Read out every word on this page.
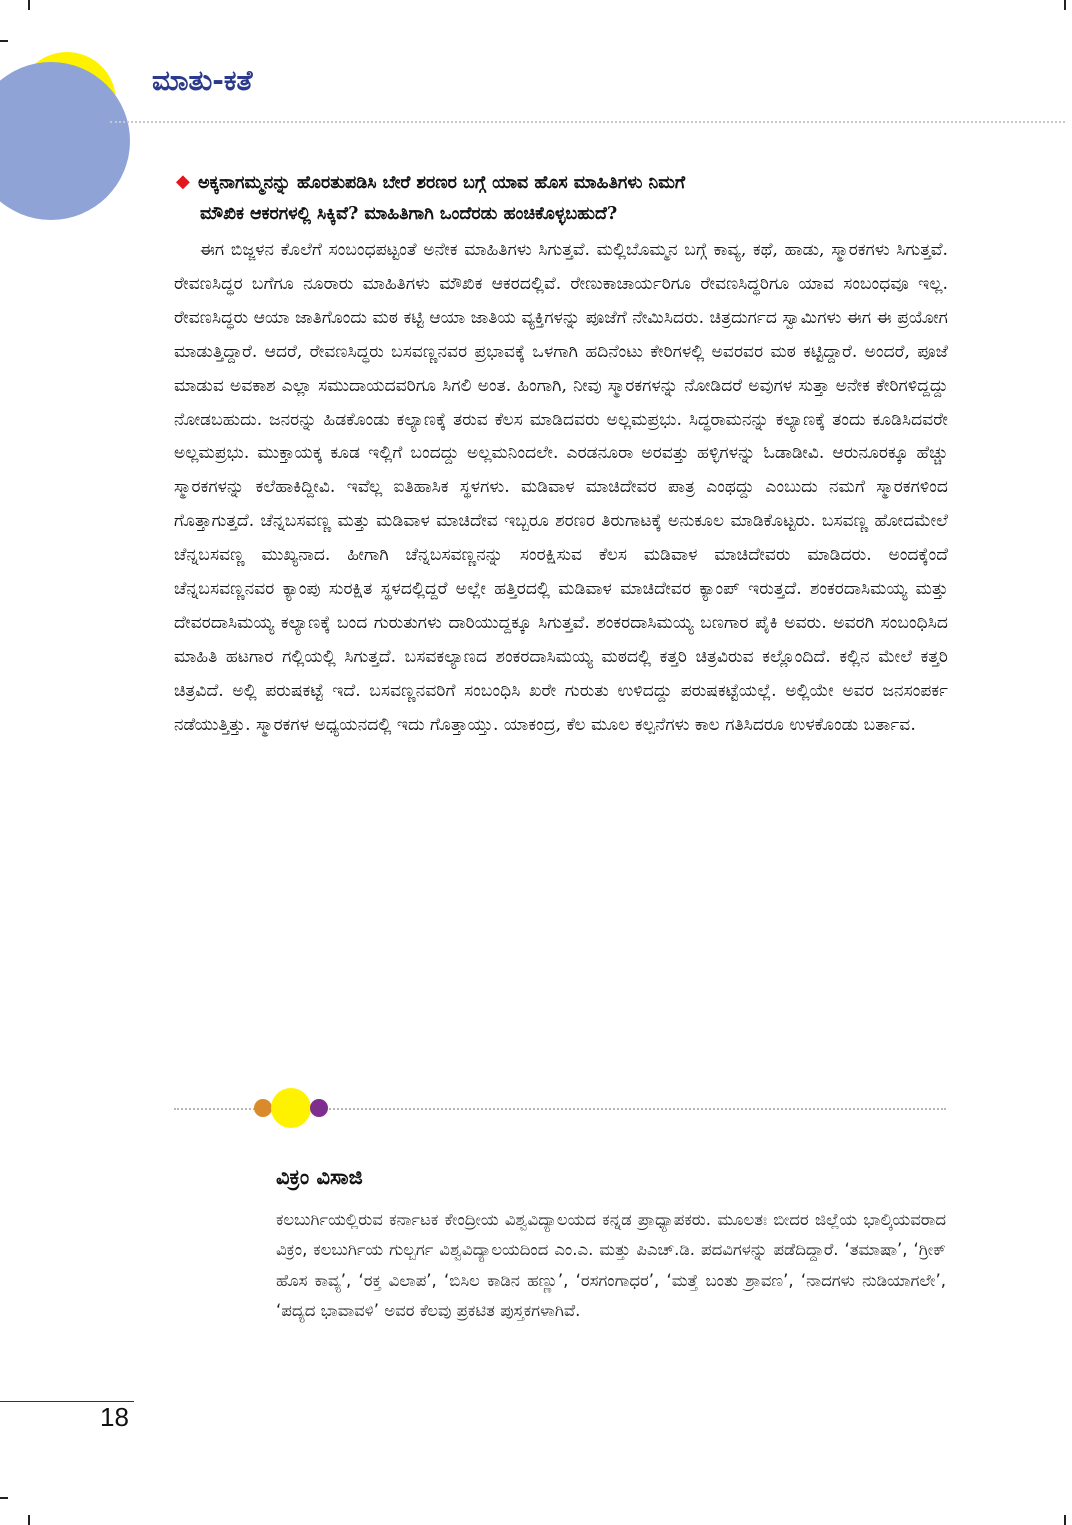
ಮಾತು-ಕತೆ
◆ ಅಕ್ಕನಾಗಮ್ಮನನ್ನು ಹೊರತುಪಡಿಸಿ ಬೇರೆ ಶರಣರ ಬಗ್ಗೆ ಯಾವ ಹೊಸ ಮಾಹಿತಿಗಳು ನಿಮಗೆ

ಮೌಖಿಕ ಆಕರಗಳಲ್ಲಿ ಸಿಕ್ಕಿವೆ? ಮಾಹಿತಿಗಾಗಿ ಒಂದೆರಡು ಹಂಚಿಕೊಳ್ಳಬಹುದೆ?

ಈಗ ಬಿಜ್ಜಳನ ಕೊಲೆಗೆ ಸಂಬಂಧಪಟ್ಟಂತೆ ಅನೇಕ ಮಾಹಿತಿಗಳು ಸಿಗುತ್ತವೆ. ಮಲ್ಲಿಬೊಮ್ಮನ ಬಗ್ಗೆ ಕಾವ್ಯ, ಕಥೆ, ಹಾಡು, ಸ್ಮಾರಕಗಳು ಸಿಗುತ್ತವೆ. ರೇವಣಸಿದ್ಧರ ಬಗೆಗೂ ನೂರಾರು ಮಾಹಿತಿಗಳು ಮೌಖಿಕ ಆಕರದಲ್ಲಿವೆ. ರೇಣುಕಾಚಾರ್ಯರಿಗೂ ರೇವಣಸಿದ್ಧರಿಗೂ ಯಾವ ಸಂಬಂಧವೂ ಇಲ್ಲ. ರೇವಣಸಿದ್ಧರು ಆಯಾ ಜಾತಿಗೊಂದು ಮಠ ಕಟ್ಟಿ ಆಯಾ ಜಾತಿಯ ವ್ಯಕ್ತಿಗಳನ್ನು ಪೂಜೆಗೆ ನೇಮಿಸಿದರು. ಚಿತ್ರದುರ್ಗದ ಸ್ವಾಮಿಗಳು ಈಗ ಈ ಪ್ರಯೋಗ ಮಾಡುತ್ತಿದ್ದಾರೆ. ಆದರೆ, ರೇವಣಸಿದ್ಧರು ಬಸವಣ್ಣನವರ ಪ್ರಭಾವಕ್ಕೆ ಒಳಗಾಗಿ ಹದಿನೆಂಟು ಕೇರಿಗಳಲ್ಲಿ ಅವರವರ ಮಠ ಕಟ್ಟಿದ್ದಾರೆ. ಅಂದರೆ, ಪೂಜೆ ಮಾಡುವ ಅವಕಾಶ ಎಲ್ಲಾ ಸಮುದಾಯದವರಿಗೂ ಸಿಗಲಿ ಅಂತ. ಹಿಂಗಾಗಿ, ನೀವು ಸ್ಮಾರಕಗಳನ್ನು ನೋಡಿದರೆ ಅವುಗಳ ಸುತ್ತಾ ಅನೇಕ ಕೇರಿಗಳಿದ್ದದ್ದು ನೋಡಬಹುದು. ಜನರನ್ನು ಹಿಡಕೊಂಡು ಕಲ್ಯಾಣಕ್ಕೆ ತರುವ ಕೆಲಸ ಮಾಡಿದವರು ಅಲ್ಲಮಪ್ರಭು. ಸಿದ್ಧರಾಮನನ್ನು ಕಲ್ಯಾಣಕ್ಕೆ ತಂದು ಕೂಡಿಸಿದವರೇ ಅಲ್ಲಮಪ್ರಭು. ಮುಕ್ತಾಯಕ್ಕ ಕೂಡ ಇಲ್ಲಿಗೆ ಬಂದದ್ದು ಅಲ್ಲಮನಿಂದಲೇ. ಎರಡನೂರಾ ಅರವತ್ತು ಹಳ್ಳಿಗಳನ್ನು ಓಡಾಡೀವಿ. ಆರುನೂರಕ್ಕೂ ಹೆಚ್ಚು ಸ್ಮಾರಕಗಳನ್ನು ಕಲೆಹಾಕಿದ್ದೀವಿ. ಇವೆಲ್ಲ ಐತಿಹಾಸಿಕ ಸ್ಥಳಗಳು. ಮಡಿವಾಳ ಮಾಚಿದೇವರ ಪಾತ್ರ ಎಂಥದ್ದು ಎಂಬುದು ನಮಗೆ ಸ್ಮಾರಕಗಳಿಂದ ಗೊತ್ತಾಗುತ್ತದೆ. ಚೆನ್ನಬಸವಣ್ಣ ಮತ್ತು ಮಡಿವಾಳ ಮಾಚಿದೇವ ಇಬ್ಬರೂ ಶರಣರ ತಿರುಗಾಟಕ್ಕೆ ಅನುಕೂಲ ಮಾಡಿಕೊಟ್ಟರು. ಬಸವಣ್ಣ ಹೋದಮೇಲೆ ಚೆನ್ನಬಸವಣ್ಣ ಮುಖ್ಯನಾದ. ಹೀಗಾಗಿ ಚೆನ್ನಬಸವಣ್ಣನನ್ನು ಸಂರಕ್ಷಿಸುವ ಕೆಲಸ ಮಡಿವಾಳ ಮಾಚಿದೇವರು ಮಾಡಿದರು. ಅಂದಕ್ಕೆಂದೆ ಚೆನ್ನಬಸವಣ್ಣನವರ ಕ್ಯಾಂಪು ಸುರಕ್ಷಿತ ಸ್ಥಳದಲ್ಲಿದ್ದರೆ ಅಲ್ಲೇ ಹತ್ತಿರದಲ್ಲಿ ಮಡಿವಾಳ ಮಾಚಿದೇವರ ಕ್ಯಾಂಪ್ ಇರುತ್ತದೆ. ಶಂಕರದಾಸಿಮಯ್ಯ ಮತ್ತು ದೇವರದಾಸಿಮಯ್ಯ ಕಲ್ಯಾಣಕ್ಕೆ ಬಂದ ಗುರುತುಗಳು ದಾರಿಯುದ್ದಕ್ಕೂ ಸಿಗುತ್ತವೆ. ಶಂಕರದಾಸಿಮಯ್ಯ ಬಣಗಾರ ಪೈಕಿ ಅವರು. ಅವರಗಿ ಸಂಬಂಧಿಸಿದ ಮಾಹಿತಿ ಹಟಗಾರ ಗಲ್ಲಿಯಲ್ಲಿ ಸಿಗುತ್ತದೆ. ಬಸವಕಲ್ಯಾಣದ ಶಂಕರದಾಸಿಮಯ್ಯ ಮಠದಲ್ಲಿ ಕತ್ತರಿ ಚಿತ್ರವಿರುವ ಕಲ್ಲೊಂದಿದೆ. ಕಲ್ಲಿನ ಮೇಲೆ ಕತ್ತರಿ ಚಿತ್ರವಿದೆ. ಅಲ್ಲಿ ಪರುಷಕಟ್ಟೆ ಇದೆ. ಬಸವಣ್ಣನವರಿಗೆ ಸಂಬಂಧಿಸಿ ಖರೇ ಗುರುತು ಉಳಿದದ್ದು ಪರುಷಕಟ್ಟೆಯಲ್ಲೆ. ಅಲ್ಲಿಯೇ ಅವರ ಜನಸಂಪರ್ಕ ನಡೆಯುತ್ತಿತ್ತು. ಸ್ಮಾರಕಗಳ ಅಧ್ಯಯನದಲ್ಲಿ ಇದು ಗೊತ್ತಾಯ್ತು. ಯಾಕಂದ್ರ, ಕೆಲ ಮೂಲ ಕಲ್ಪನೆಗಳು ಕಾಲ ಗತಿಸಿದರೂ ಉಳಕೊಂಡು ಬರ್ತಾವ.

ವಿಕ್ರಂ ವಿಸಾಜಿ

ಕಲಬುರ್ಗಿಯಲ್ಲಿರುವ ಕರ್ನಾಟಕ ಕೇಂದ್ರೀಯ ವಿಶ್ವವಿದ್ಯಾಲಯದ ಕನ್ನಡ ಪ್ರಾಧ್ಯಾಪಕರು. ಮೂಲತಃ ಬೀದರ ಜಿಲ್ಲೆಯ ಭಾಲ್ಕಿಯವರಾದ ವಿಕ್ರಂ, ಕಲಬುರ್ಗಿಯ ಗುಲ್ಬರ್ಗ ವಿಶ್ವವಿದ್ಯಾಲಯದಿಂದ ಎಂ.ಎ. ಮತ್ತು ಪಿಎಚ್.ಡಿ. ಪದವಿಗಳನ್ನು ಪಡೆದಿದ್ದಾರೆ. ‘ತಮಾಷಾ’, ‘ಗ್ರೀಕ್ ಹೊಸ ಕಾವ್ಯ’, ‘ರಕ್ತ ವಿಲಾಪ’, ‘ಬಿಸಿಲ ಕಾಡಿನ ಹಣ್ಣು’, ‘ರಸಗಂಗಾಧರ’, ‘ಮತ್ತೆ ಬಂತು ಶ್ರಾವಣ’, ‘ನಾದಗಳು ನುಡಿಯಾಗಲೇ’, ‘ಪದ್ಯದ ಭಾವಾವಳಿ’ ಅವರ ಕೆಲವು ಪ್ರಕಟಿತ ಪುಸ್ತಕಗಳಾಗಿವೆ.

18
